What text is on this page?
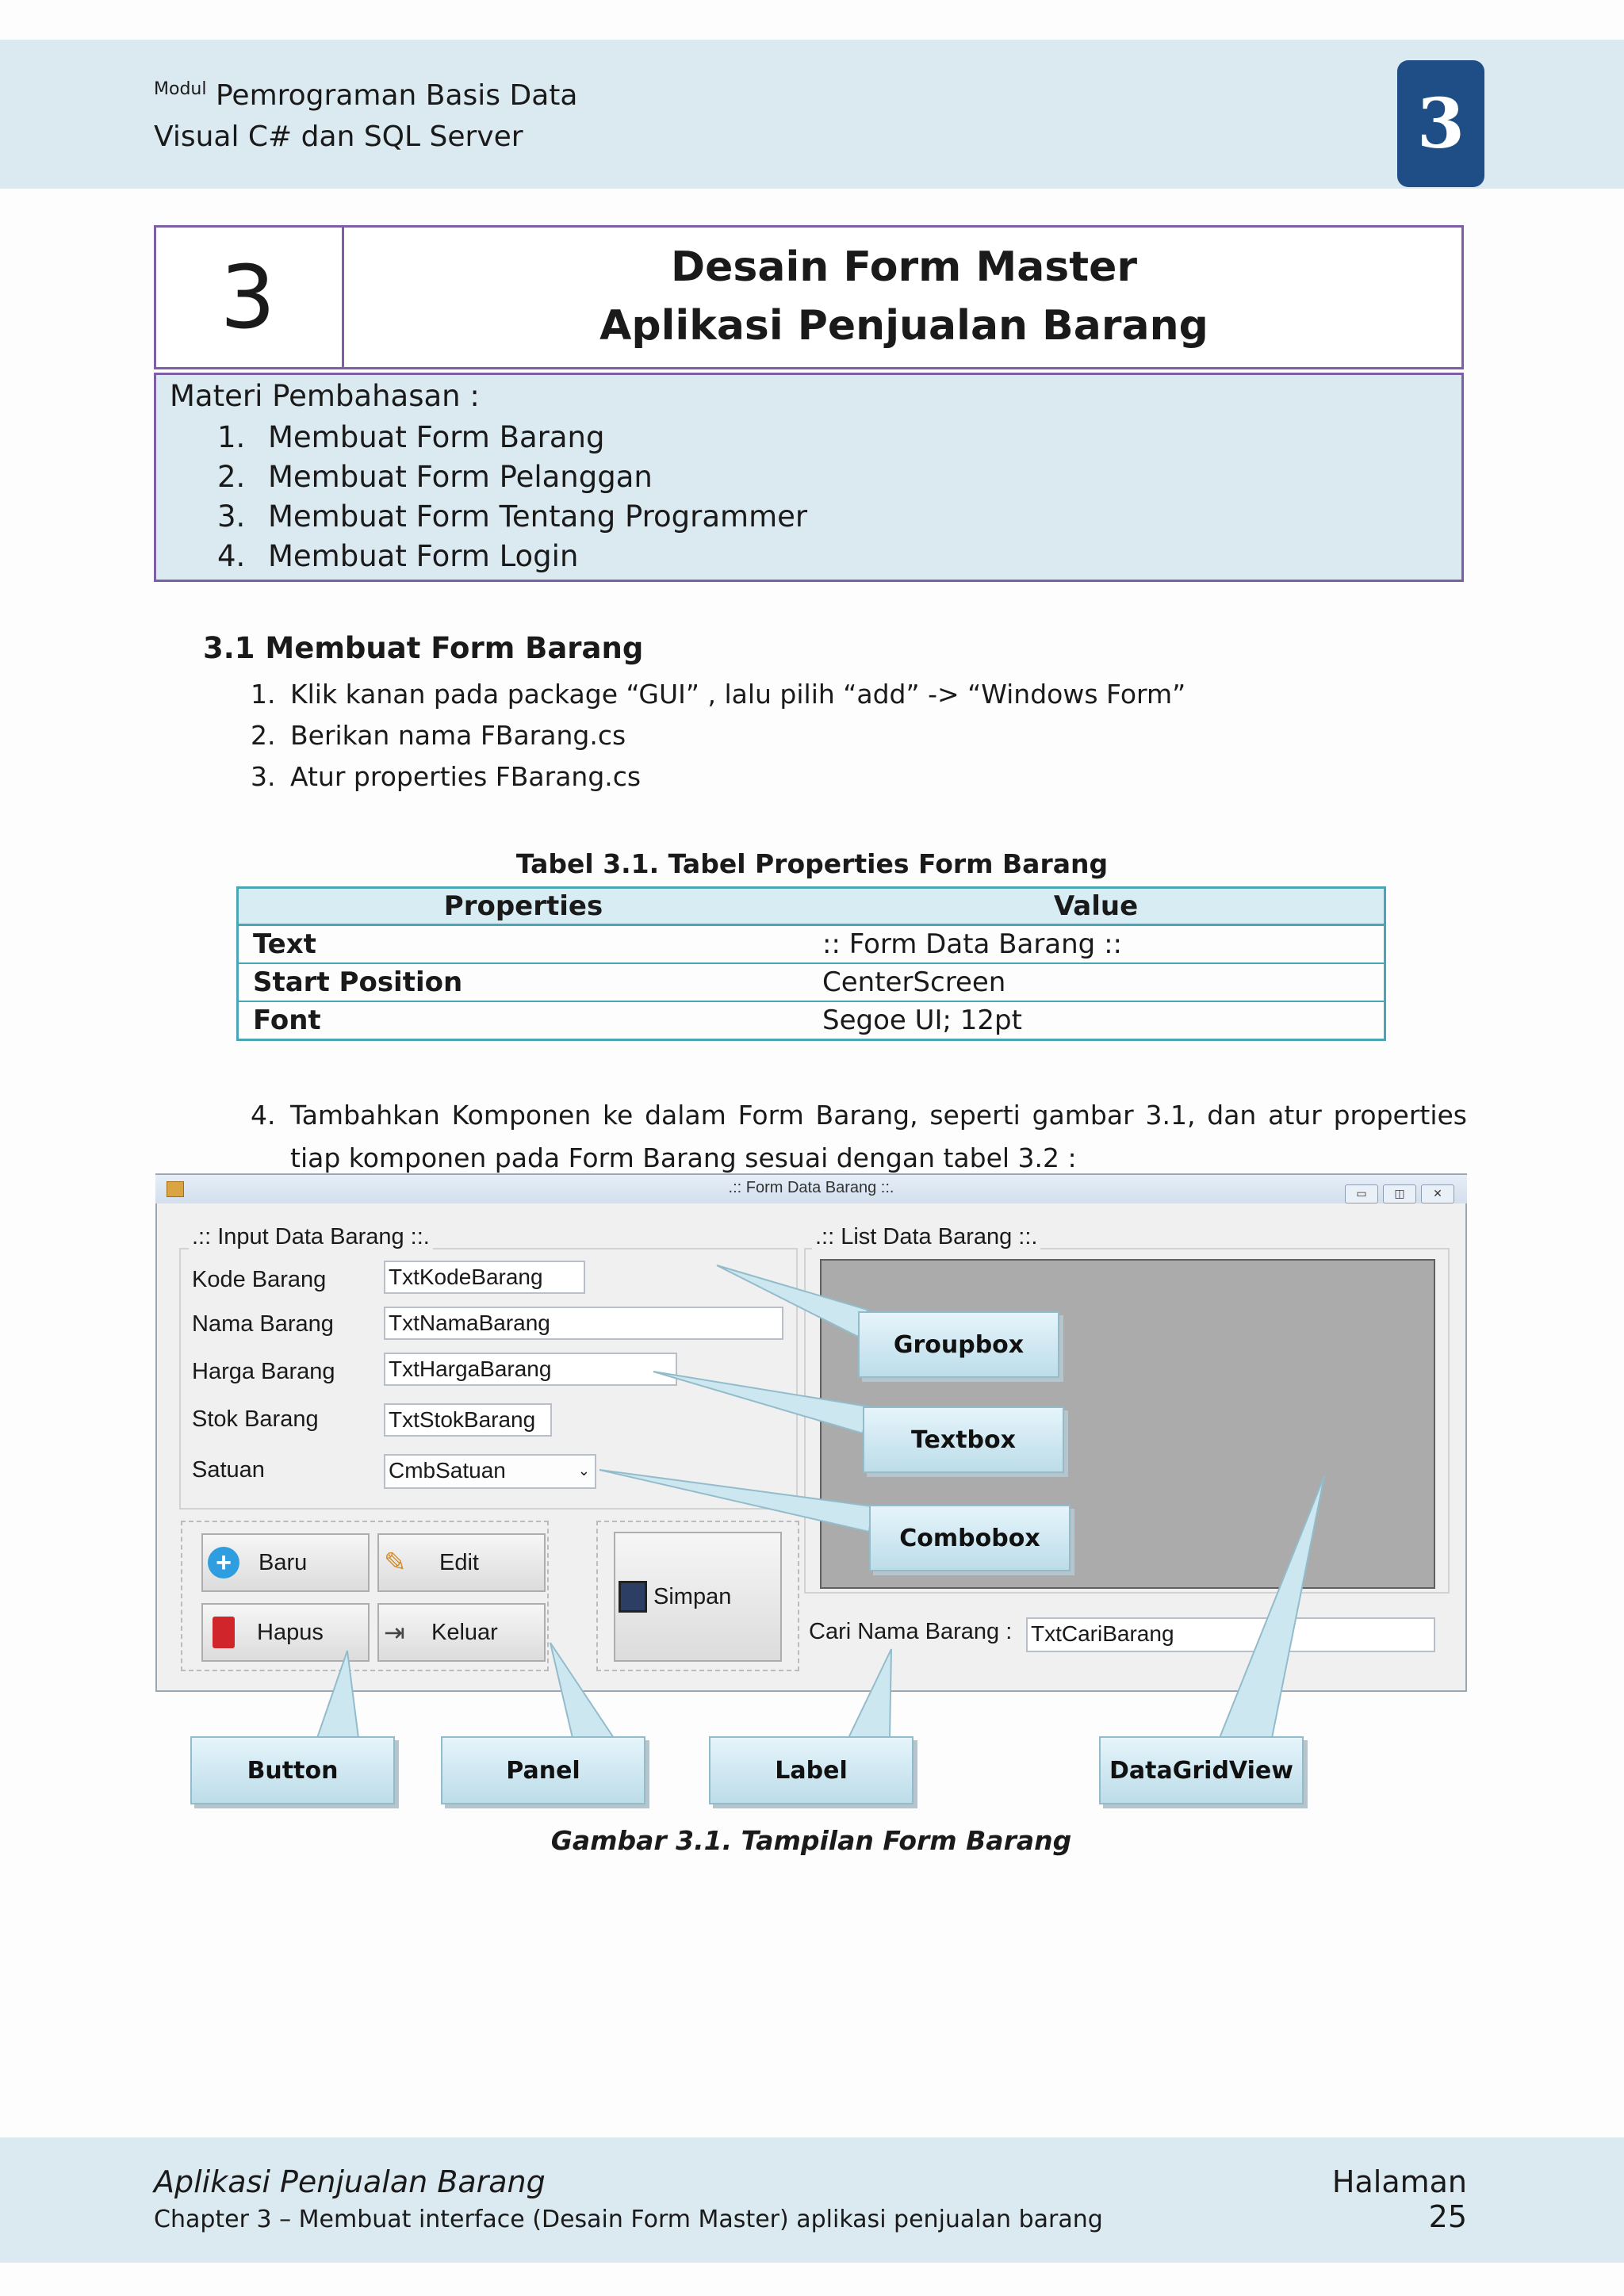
Modul Pemrograman Basis Data
Visual C# dan SQL Server	3
3	Desain Form Master
Aplikasi Penjualan Barang
Materi Pembahasan :
1. Membuat Form Barang
2. Membuat Form Pelanggan
3. Membuat Form Tentang Programmer
4. Membuat Form Login
3.1 Membuat Form Barang
1. Klik kanan pada package “GUI” , lalu pilih “add” -> “Windows Form”
2. Berikan nama FBarang.cs
3. Atur properties FBarang.cs
Tabel 3.1. Tabel Properties Form Barang
Properties	Value
Text	:: Form Data Barang ::
Start Position	CenterScreen
Font	Segoe UI; 12pt
4. Tambahkan Komponen ke dalam Form Barang, seperti gambar 3.1, dan atur properties tiap komponen pada Form Barang sesuai dengan tabel 3.2 :
.:: Form Data Barang ::.	▭	◫	✕
.:: Input Data Barang ::.
Kode Barang	TxtKodeBarang
Nama Barang TxtNamaBarang
Harga Barang TxtHargaBarang
Stok Barang	TxtStokBarang
Satuan	CmbSatuan	⌄
+	Baru	✎	Edit
Hapus ⇥	Keluar
Simpan
.:: List Data Barang ::.
Cari Nama Barang : TxtCariBarang
Groupbox
Textbox
Combobox
Button	Panel	Label	DataGridView
Gambar 3.1. Tampilan Form Barang
Aplikasi Penjualan Barang
Chapter 3 – Membuat interface (Desain Form Master) aplikasi penjualan barang
Halaman 25
